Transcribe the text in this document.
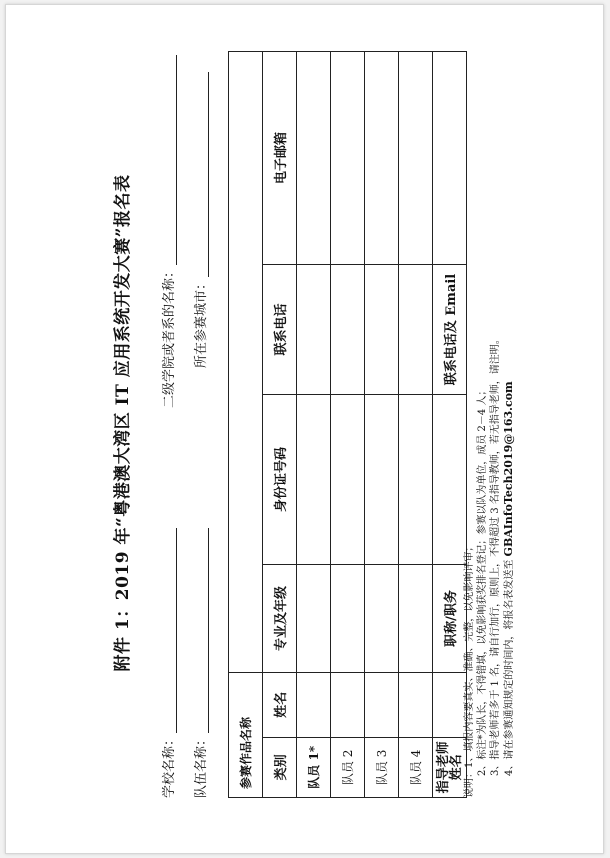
附件 1：2019 年“粤港澳大湾区 IT 应用系统开发大赛”报名表
学校名称：
二级学院或者系的名称：
队伍名称：
所在参赛城市：
参赛作品名称					
类别	姓名	专业及年级	身份证号码	联系电话	电子邮箱
队员 1*					
队员 2					
队员 3					
队员 4					
指导老师姓名		职称/职务		联系电话及 Email	
说明：1、填报内容要真实、准确、完整，以免影响评审； 2、标注*为队长，不得错填，以免影响获奖排名登记；参赛以队为单位，成员 2－4 人； 3、指导老师若多于 1 名，请自行加行，原则上，不得超过 3 名指导教师，若无指导老师，请注明。 4、请在参赛通知规定的时间内，将报名表发送至 GBAInfoTech2019@163.com
